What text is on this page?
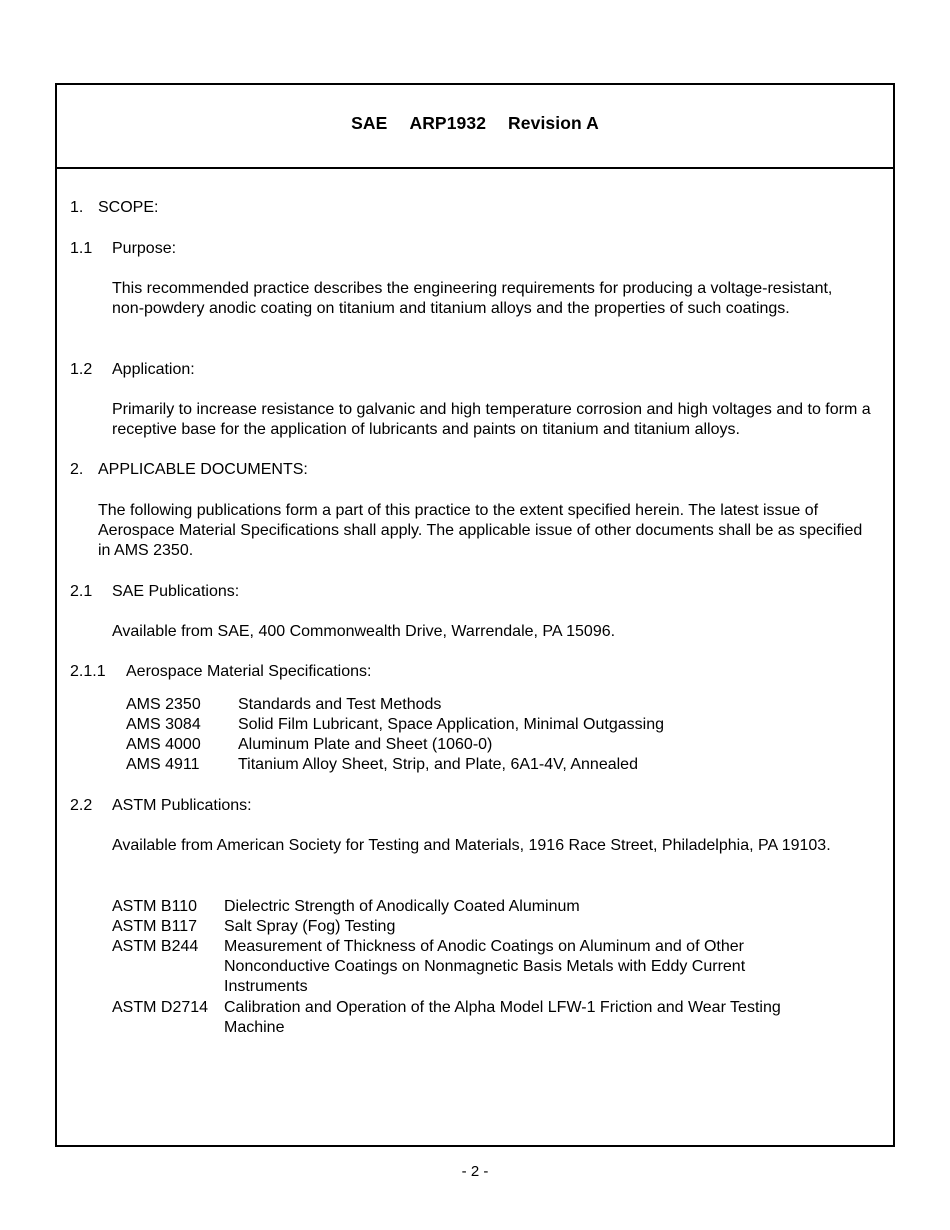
SAE ARP1932 Revision A
1. SCOPE:
1.1 Purpose:
This recommended practice describes the engineering requirements for producing a voltage-resistant, non-powdery anodic coating on titanium and titanium alloys and the properties of such coatings.
1.2 Application:
Primarily to increase resistance to galvanic and high temperature corrosion and high voltages and to form a receptive base for the application of lubricants and paints on titanium and titanium alloys.
2. APPLICABLE DOCUMENTS:
The following publications form a part of this practice to the extent specified herein. The latest issue of Aerospace Material Specifications shall apply. The applicable issue of other documents shall be as specified in AMS 2350.
2.1 SAE Publications:
Available from SAE, 400 Commonwealth Drive, Warrendale, PA 15096.
2.1.1 Aerospace Material Specifications:
AMS 2350 Standards and Test Methods
AMS 3084 Solid Film Lubricant, Space Application, Minimal Outgassing
AMS 4000 Aluminum Plate and Sheet (1060-0)
AMS 4911 Titanium Alloy Sheet, Strip, and Plate, 6A1-4V, Annealed
2.2 ASTM Publications:
Available from American Society for Testing and Materials, 1916 Race Street, Philadelphia, PA 19103.
ASTM B110 Dielectric Strength of Anodically Coated Aluminum
ASTM B117 Salt Spray (Fog) Testing
ASTM B244 Measurement of Thickness of Anodic Coatings on Aluminum and of Other Nonconductive Coatings on Nonmagnetic Basis Metals with Eddy Current Instruments
ASTM D2714 Calibration and Operation of the Alpha Model LFW-1 Friction and Wear Testing Machine
- 2 -
